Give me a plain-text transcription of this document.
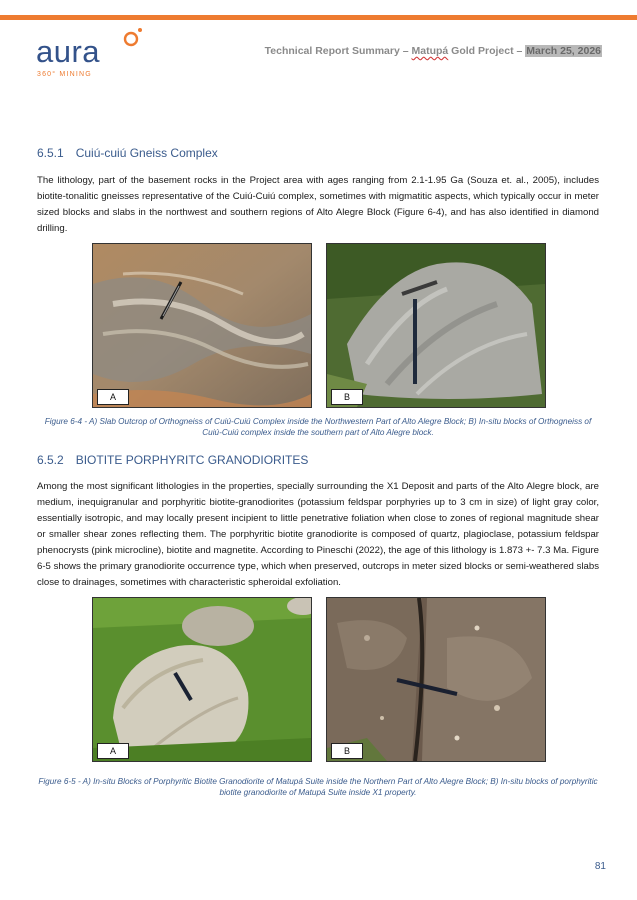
aura
360° MINING
Technical Report Summary – Matupá Gold Project – March 25, 2026
6.5.1 Cuiú-cuiú Gneiss Complex
The lithology, part of the basement rocks in the Project area with ages ranging from 2.1-1.95 Ga (Souza et. al., 2005), includes biotite-tonalitic gneisses representative of the Cuiú-Cuiú complex, sometimes with migmatitic aspects, which typically occur in meter sized blocks and slabs in the northwest and southern regions of Alto Alegre Block (Figure 6-4), and has also identified in diamond drilling.
A	B
Figure 6-4 - A) Slab Outcrop of Orthogneiss of Cuiú-Cuiú Complex inside the Northwestern Part of Alto Alegre Block; B) In-situ blocks of Orthogneiss of Cuiú-Cuiú complex inside the southern part of Alto Alegre block.
6.5.2 BIOTITE PORPHYRITC GRANODIORITES
Among the most significant lithologies in the properties, specially surrounding the X1 Deposit and parts of the Alto Alegre block, are medium, inequigranular and porphyritic biotite-granodiorites (potassium feldspar porphyries up to 3 cm in size) of light gray color, essentially isotropic, and may locally present incipient to little penetrative foliation when close to zones of regional magnitude shear or smaller shear zones reflecting them. The porphyritic biotite granodiorite is composed of quartz, plagioclase, potassium feldspar phenocrysts (pink microcline), biotite and magnetite. According to Pineschi (2022), the age of this lithology is 1.873 +- 7.3 Ma. Figure 6-5 shows the primary granodiorite occurrence type, which when preserved, outcrops in meter sized blocks or semi-weathered slabs close to drainages, sometimes with characteristic spheroidal exfoliation.
A	B
Figure 6-5 - A) In-situ Blocks of Porphyritic Biotite Granodiorite of Matupá Suite inside the Northern Part of Alto Alegre Block; B) In-situ blocks of porphyritic biotite granodiorite of Matupá Suite inside X1 property.
81
